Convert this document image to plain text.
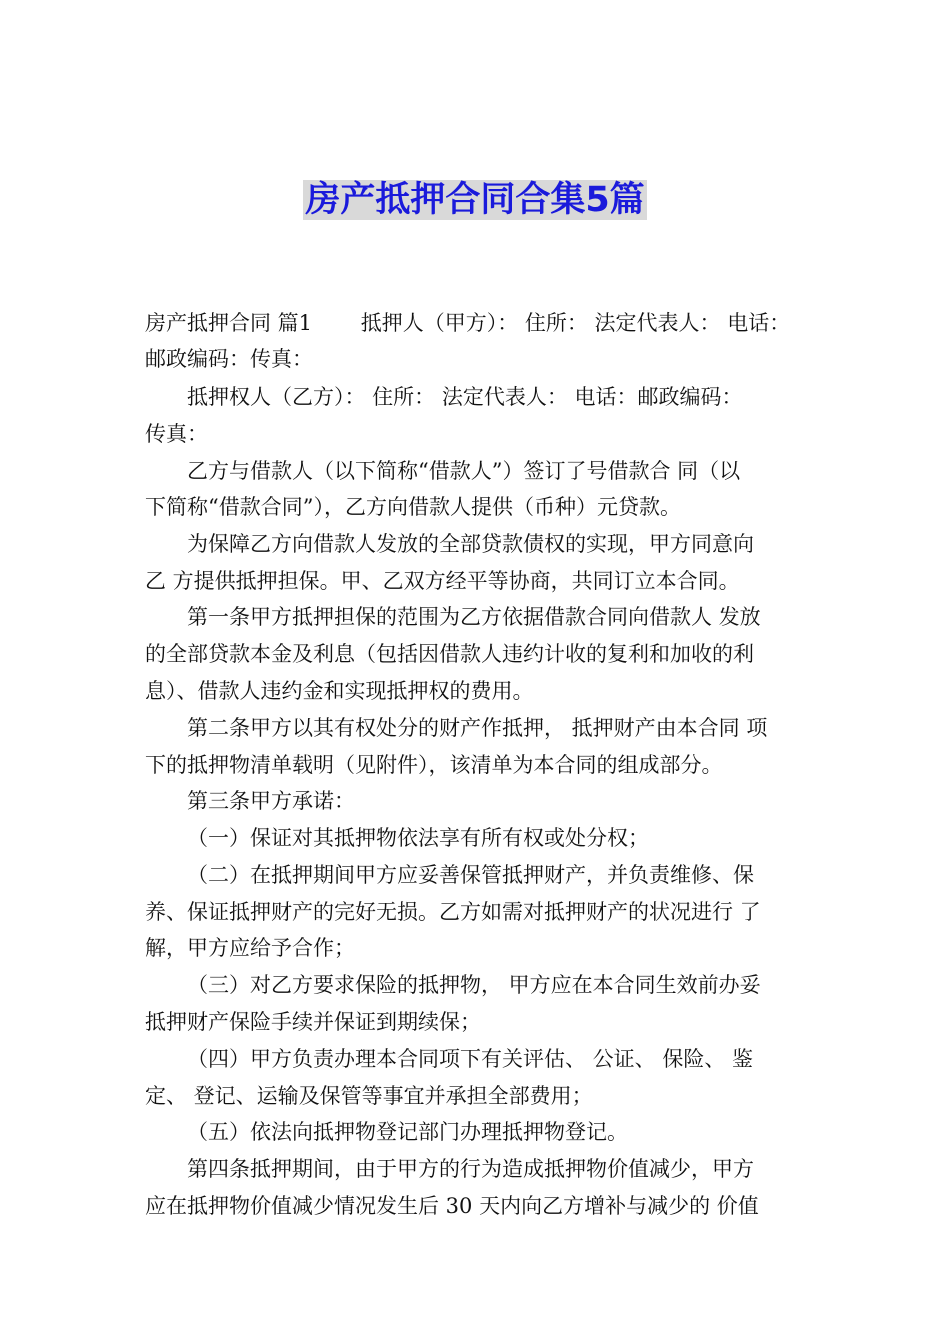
房产抵押合同合集5篇

房产抵押合同 篇1　　 抵押人（甲方）： 住所： 法定代表人： 电话：

邮政编码：传真：

抵押权人（乙方）： 住所： 法定代表人： 电话：邮政编码：

传真：

乙方与借款人（以下简称“借款人”）签订了号借款合 同（以

下简称“借款合同”），乙方向借款人提供（币种）元贷款。

为保障乙方向借款人发放的全部贷款债权的实现，甲方同意向

乙 方提供抵押担保。甲、乙双方经平等协商，共同订立本合同。

第一条甲方抵押担保的范围为乙方依据借款合同向借款人 发放

的全部贷款本金及利息（包括因借款人违约计收的复利和加收的利

息）、借款人违约金和实现抵押权的费用。

第二条甲方以其有权处分的财产作抵押， 抵押财产由本合同 项

下的抵押物清单载明（见附件），该清单为本合同的组成部分。

第三条甲方承诺：

（一）保证对其抵押物依法享有所有权或处分权；

（二）在抵押期间甲方应妥善保管抵押财产，并负责维修、保

养、保证抵押财产的完好无损。乙方如需对抵押财产的状况进行 了

解，甲方应给予合作；

（三）对乙方要求保险的抵押物， 甲方应在本合同生效前办妥

抵押财产保险手续并保证到期续保；

（四）甲方负责办理本合同项下有关评估、 公证、 保险、 鉴

定、 登记、运输及保管等事宜并承担全部费用；

（五）依法向抵押物登记部门办理抵押物登记。

第四条抵押期间，由于甲方的行为造成抵押物价值减少，甲方

应在抵押物价值减少情况发生后 30 天内向乙方增补与减少的 价值
